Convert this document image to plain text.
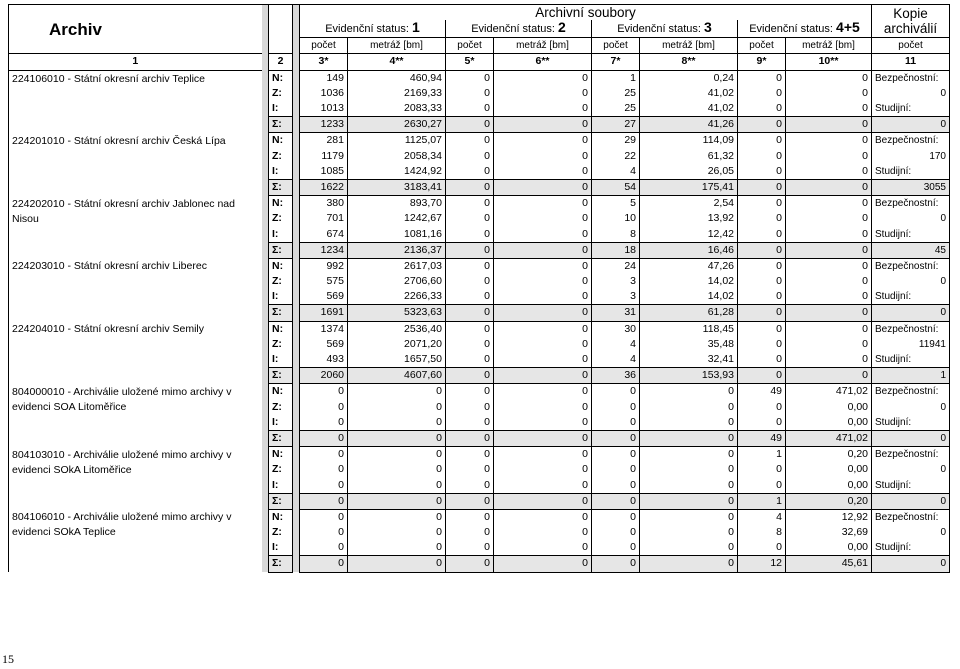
Archiv				Archivní soubory								Kopie archiválií
				Evidenční status: 1		Evidenční status: 2		Evidenční status: 3		Evidenční status: 4+5		
				počet	metráž [bm]	počet	metráž [bm]	počet	metráž [bm]	počet	metráž [bm]	počet
1		2		3*	4**	5*	6**	7*	8**	9*	10**	11
224106010 - Státní okresní archiv Teplice		N:		149	460,94	0	0	1	0,24	0	0	Bezpečnostní:
		Z:		1036	2169,33	0	0	25	41,02	0	0	0
		I:		1013	2083,33	0	0	25	41,02	0	0	Studijní:
		Σ:		1233	2630,27	0	0	27	41,26	0	0	0
224201010 - Státní okresní archiv Česká Lípa		N:		281	1125,07	0	0	29	114,09	0	0	Bezpečnostní:
		Z:		1179	2058,34	0	0	22	61,32	0	0	170
		I:		1085	1424,92	0	0	4	26,05	0	0	Studijní:
		Σ:		1622	3183,41	0	0	54	175,41	0	0	3055
224202010 - Státní okresní archiv Jablonec nad Nisou		N:		380	893,70	0	0	5	2,54	0	0	Bezpečnostní:
		Z:		701	1242,67	0	0	10	13,92	0	0	0
		I:		674	1081,16	0	0	8	12,42	0	0	Studijní:
		Σ:		1234	2136,37	0	0	18	16,46	0	0	45
224203010 - Státní okresní archiv Liberec		N:		992	2617,03	0	0	24	47,26	0	0	Bezpečnostní:
		Z:		575	2706,60	0	0	3	14,02	0	0	0
		I:		569	2266,33	0	0	3	14,02	0	0	Studijní:
		Σ:		1691	5323,63	0	0	31	61,28	0	0	0
224204010 - Státní okresní archiv Semily		N:		1374	2536,40	0	0	30	118,45	0	0	Bezpečnostní:
		Z:		569	2071,20	0	0	4	35,48	0	0	11941
		I:		493	1657,50	0	0	4	32,41	0	0	Studijní:
		Σ:		2060	4607,60	0	0	36	153,93	0	0	1
804000010 - Archiválie uložené mimo archivy v evidenci SOA Litoměřice		N:		0	0	0	0	0	0	49	471,02	Bezpečnostní:
		Z:		0	0	0	0	0	0	0	0,00	0
		I:		0	0	0	0	0	0	0	0,00	Studijní:
		Σ:		0	0	0	0	0	0	49	471,02	0
804103010 - Archiválie uložené mimo archivy v evidenci SOkA Litoměřice		N:		0	0	0	0	0	0	1	0,20	Bezpečnostní:
		Z:		0	0	0	0	0	0	0	0,00	0
		I:		0	0	0	0	0	0	0	0,00	Studijní:
		Σ:		0	0	0	0	0	0	1	0,20	0
804106010 - Archiválie uložené mimo archivy v evidenci SOkA Teplice		N:		0	0	0	0	0	0	4	12,92	Bezpečnostní:
		Z:		0	0	0	0	0	0	8	32,69	0
		I:		0	0	0	0	0	0	0	0,00	Studijní:
		Σ:		0	0	0	0	0	0	12	45,61	0
15
